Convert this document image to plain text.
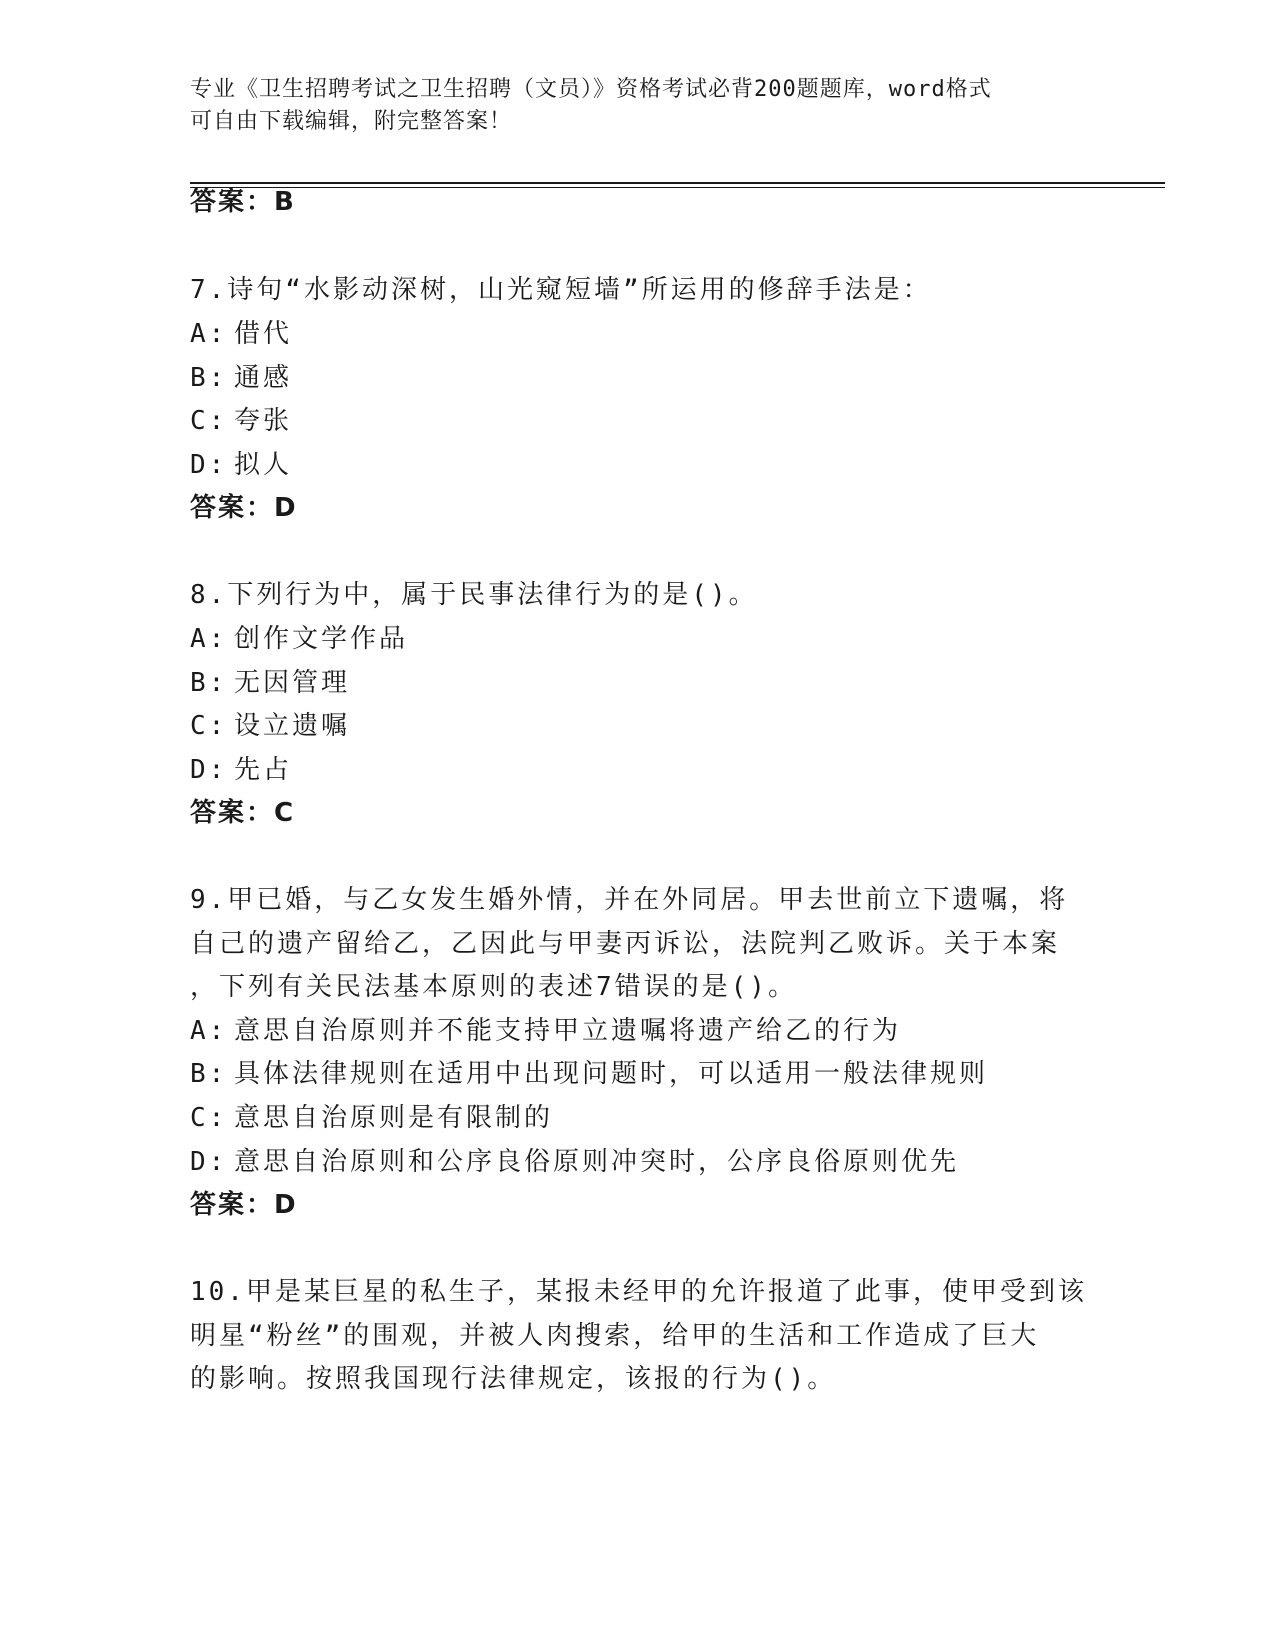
专业《卫生招聘考试之卫生招聘（文员）》资格考试必背200题题库，word格式
可自由下载编辑，附完整答案！
答案：B
7.诗句“水影动深树，山光窥短墙”所运用的修辞手法是：
A: 借代
B: 通感
C: 夸张
D: 拟人
答案：D
8.下列行为中，属于民事法律行为的是()。
A: 创作文学作品
B: 无因管理
C: 设立遗嘱
D: 先占
答案：C
9.甲已婚，与乙女发生婚外情，并在外同居。甲去世前立下遗嘱，将
自己的遗产留给乙，乙因此与甲妻丙诉讼，法院判乙败诉。关于本案
，下列有关民法基本原则的表述7错误的是()。
A: 意思自治原则并不能支持甲立遗嘱将遗产给乙的行为
B: 具体法律规则在适用中出现问题时，可以适用一般法律规则
C: 意思自治原则是有限制的
D: 意思自治原则和公序良俗原则冲突时，公序良俗原则优先
答案：D
10.甲是某巨星的私生子，某报未经甲的允许报道了此事，使甲受到该
明星“粉丝”的围观，并被人肉搜索，给甲的生活和工作造成了巨大
的影响。按照我国现行法律规定，该报的行为()。
